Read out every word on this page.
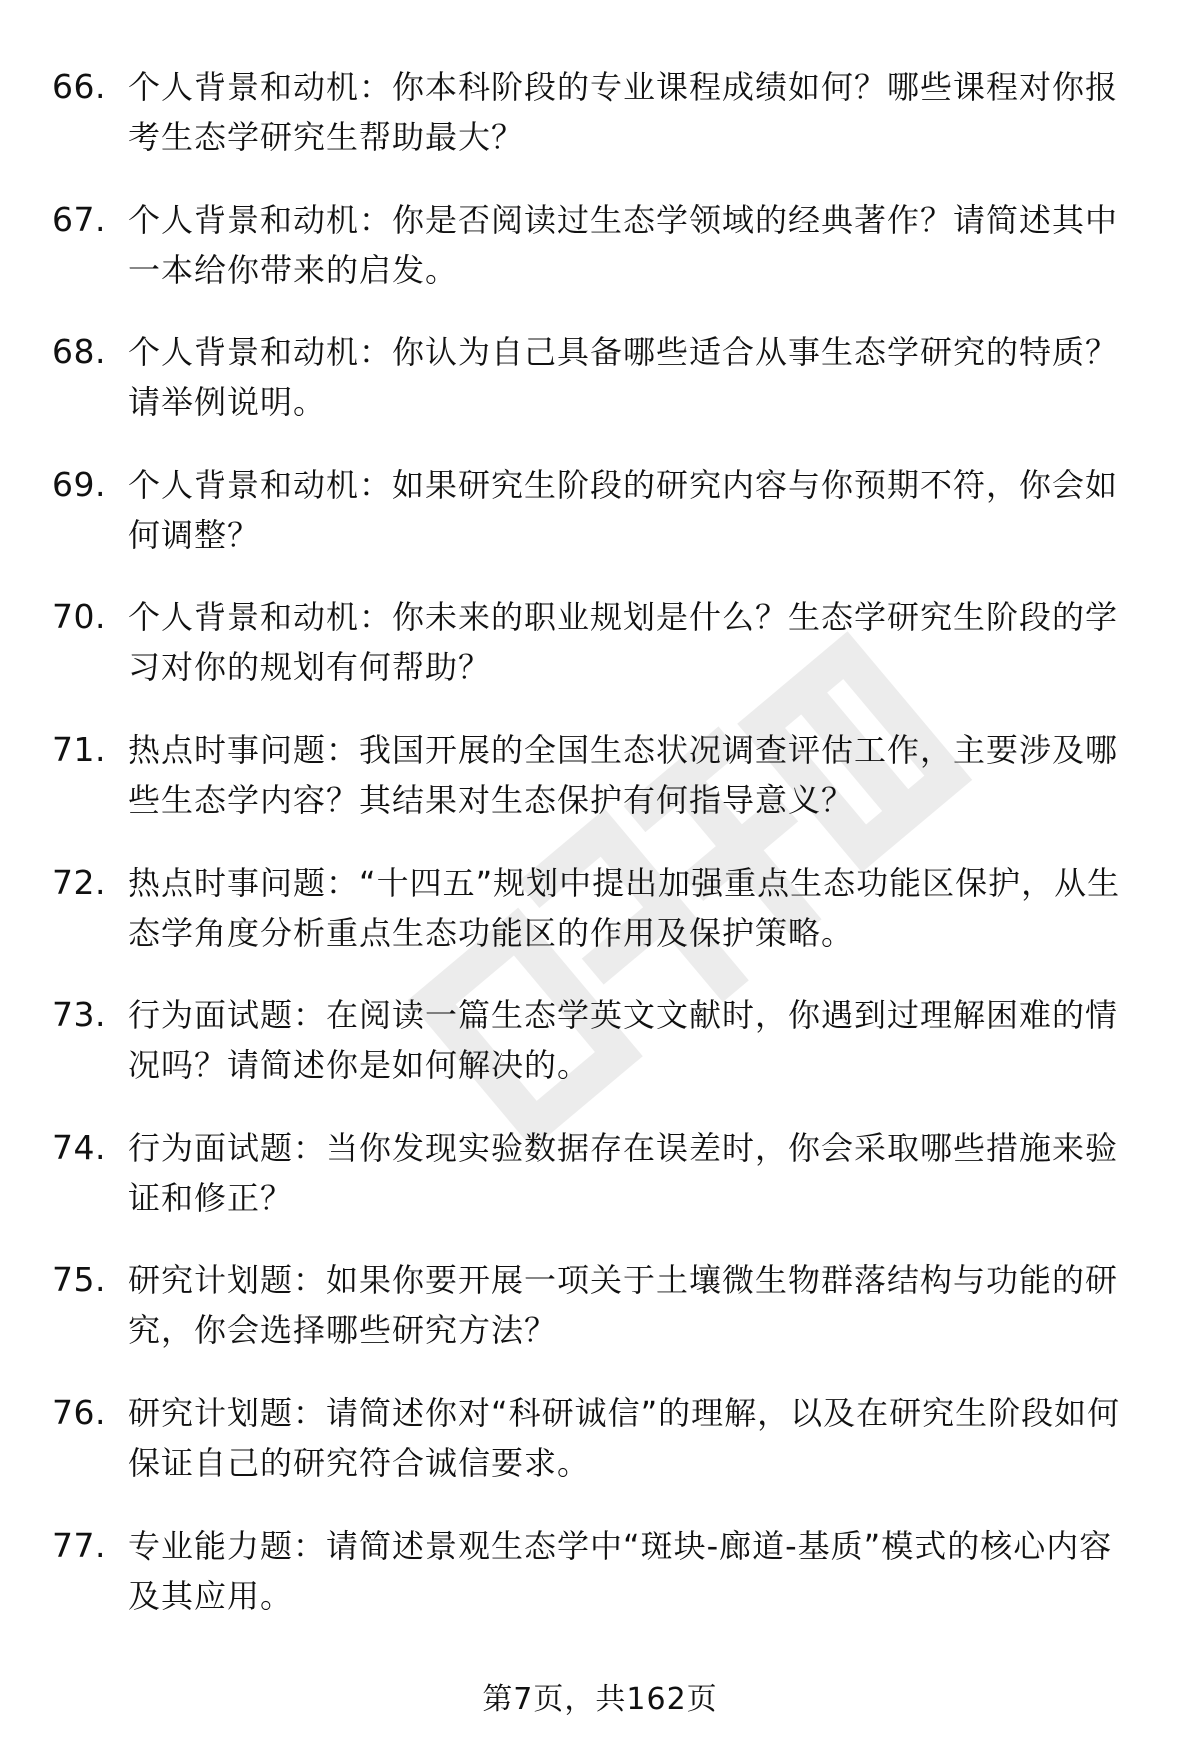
66. 个人背景和动机：你本科阶段的专业课程成绩如何？哪些课程对你报考生态学研究生帮助最大？
67. 个人背景和动机：你是否阅读过生态学领域的经典著作？请简述其中一本给你带来的启发。
68. 个人背景和动机：你认为自己具备哪些适合从事生态学研究的特质？请举例说明。
69. 个人背景和动机：如果研究生阶段的研究内容与你预期不符，你会如何调整？
70. 个人背景和动机：你未来的职业规划是什么？生态学研究生阶段的学习对你的规划有何帮助？
71. 热点时事问题：我国开展的全国生态状况调查评估工作，主要涉及哪些生态学内容？其结果对生态保护有何指导意义？
72. 热点时事问题：“十四五”规划中提出加强重点生态功能区保护，从生态学角度分析重点生态功能区的作用及保护策略。
73. 行为面试题：在阅读一篇生态学英文文献时，你遇到过理解困难的情况吗？请简述你是如何解决的。
74. 行为面试题：当你发现实验数据存在误差时，你会采取哪些措施来验证和修正？
75. 研究计划题：如果你要开展一项关于土壤微生物群落结构与功能的研究，你会选择哪些研究方法？
76. 研究计划题：请简述你对“科研诚信”的理解，以及在研究生阶段如何保证自己的研究符合诚信要求。
77. 专业能力题：请简述景观生态学中“斑块-廊道-基质”模式的核心内容及其应用。
第7页，共162页
